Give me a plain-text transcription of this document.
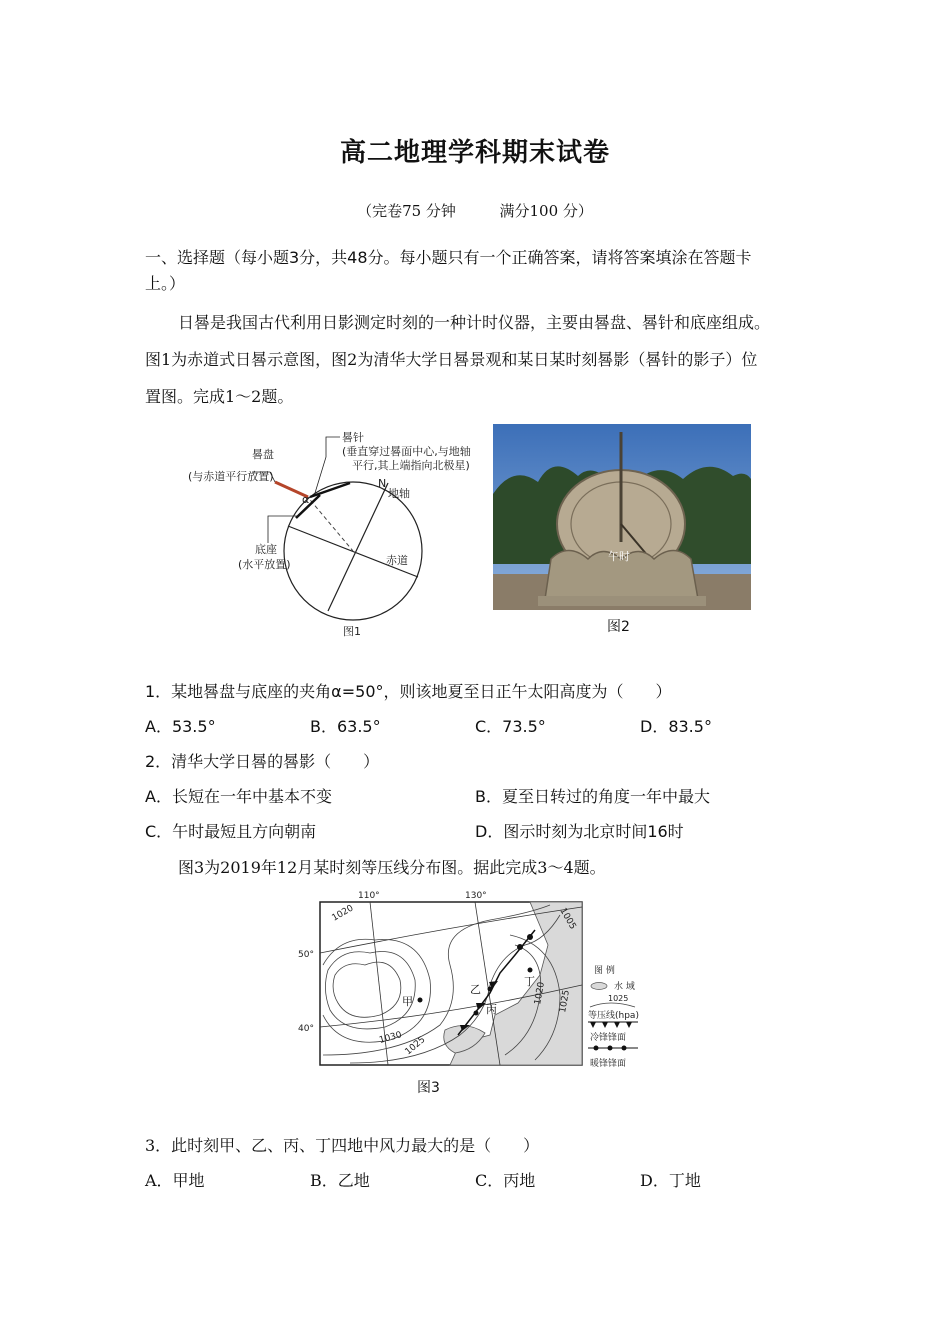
高二地理学科期末试卷
（完卷75 分钟	满分100 分）
一、选择题（每小题3分，共48分。每小题只有一个正确答案，请将答案填涂在答题卡
上。）
日晷是我国古代利用日影测定时刻的一种计时仪器，主要由晷盘、晷针和底座组成。
图1为赤道式日晷示意图，图2为清华大学日晷景观和某日某时刻晷影（晷针的影子）位
置图。完成1～2题。
晷盘
(与赤道平行放置)
晷针
(垂直穿过晷面中心,与地轴
平行,其上端指向北极星)
α
N
地轴
底座
(水平放置)	赤道
图1
午时
图2
1．某地晷盘与底座的夹角α=50°，则该地夏至日正午太阳高度为（　　）
A．53.5°	B．63.5°	C．73.5°	D．83.5°
2．清华大学日晷的晷影（　　）
A．长短在一年中基本不变	B．夏至日转过的角度一年中最大
C．午时最短且方向朝南	D．图示时刻为北京时间16时
图3为2019年12月某时刻等压线分布图。据此完成3～4题。
110°	130°
50°
40°
1020
1030 1025
1020 1025
1005
甲
乙
丙
丁
图 例
水 域
1025
等压线(hpa)
冷锋锋面
暖锋锋面
图3
3．此时刻甲、乙、丙、丁四地中风力最大的是（　　）
A．甲地	B．乙地	C．丙地	D．丁地
